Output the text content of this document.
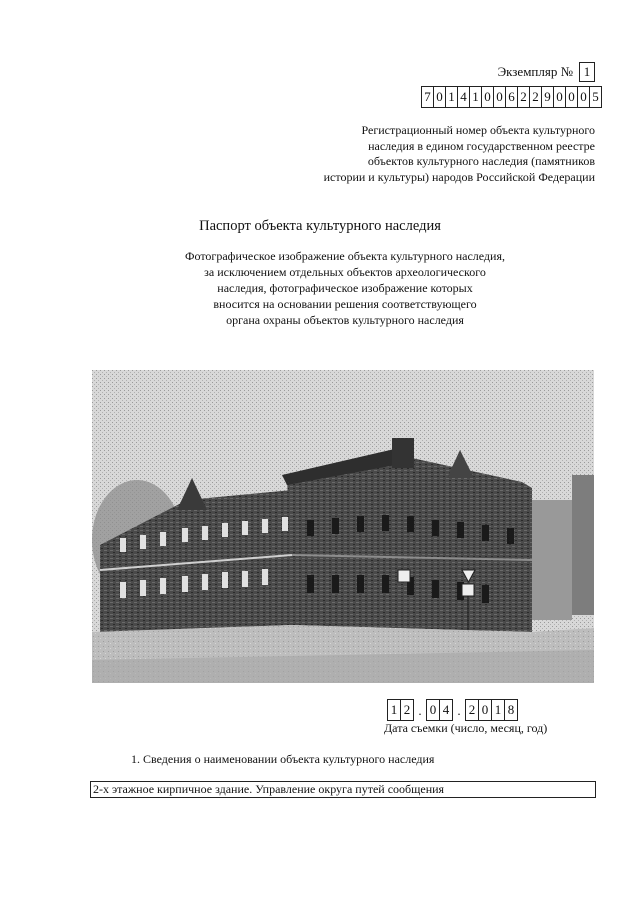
Экземпляр № 1
7 0 1 4 1 0 0 6 2 2 9 0 0 0 5
Регистрационный номер объекта культурного
наследия в едином государственном реестре
объектов культурного наследия (памятников
истории и культуры) народов Российской Федерации
Паспорт объекта культурного наследия
Фотографическое изображение объекта культурного наследия,
за исключением отдельных объектов археологического
наследия, фотографическое изображение которых
вносится на основании решения соответствующего
органа охраны объектов культурного наследия
1 2 . 0 4 . 2 0 1 8
Дата съемки (число, месяц, год)
1. Сведения о наименовании объекта культурного наследия
2-х этажное кирпичное здание. Управление округа путей сообщения
